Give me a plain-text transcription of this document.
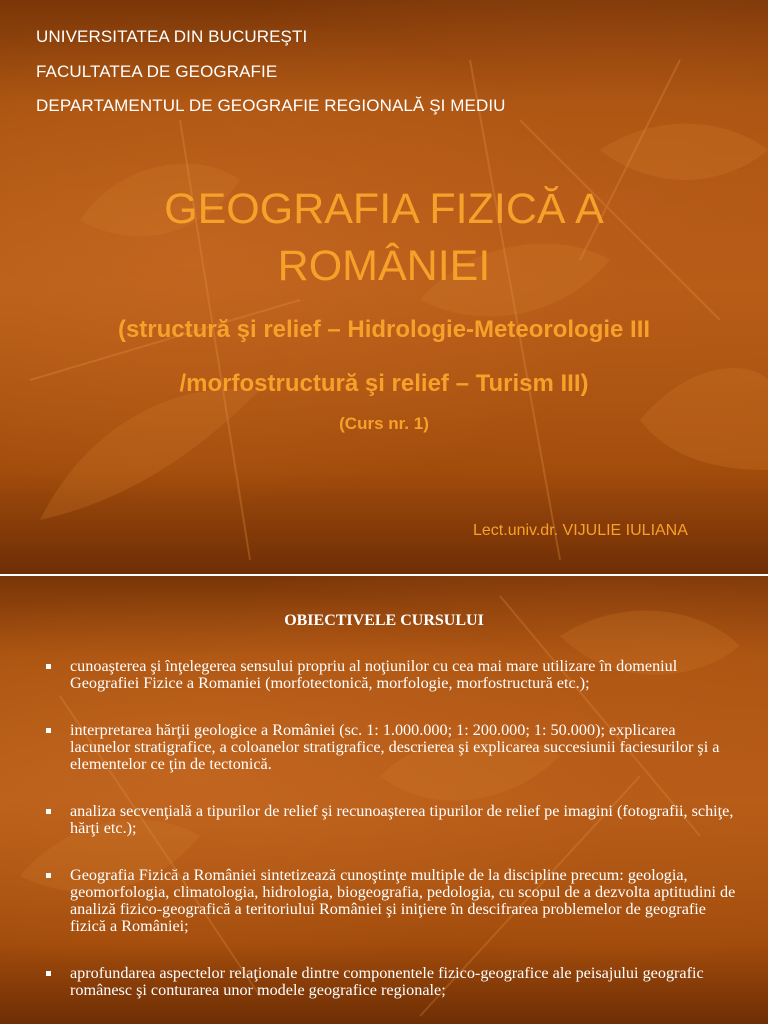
UNIVERSITATEA DIN BUCUREŞTI
FACULTATEA DE GEOGRAFIE
DEPARTAMENTUL DE GEOGRAFIE REGIONALĂ ŞI MEDIU
GEOGRAFIA FIZICĂ A
ROMÂNIEI
(structură şi relief – Hidrologie-Meteorologie III
/morfostructură şi relief – Turism III)
(Curs nr. 1)
Lect.univ.dr. VIJULIE IULIANA
OBIECTIVELE CURSULUI
cunoaşterea şi înţelegerea sensului propriu al noţiunilor cu cea mai mare utilizare în domeniul Geografiei Fizice a Romaniei (morfotectonică, morfologie, morfostructură etc.);
interpretarea hărţii geologice a României (sc. 1: 1.000.000; 1: 200.000; 1: 50.000); explicarea lacunelor stratigrafice, a coloanelor stratigrafice, descrierea şi explicarea succesiunii faciesurilor şi a elementelor ce ţin de tectonică.
analiza secvenţială a tipurilor de relief şi recunoaşterea tipurilor de relief pe imagini (fotografii, schiţe, hărţi etc.);
Geografia Fizică a României sintetizează cunoştinţe multiple de la discipline precum: geologia, geomorfologia, climatologia, hidrologia, biogeografia, pedologia, cu scopul de a dezvolta aptitudini de analiză fizico-geografică a teritoriului României şi iniţiere în descifrarea problemelor de geografie fizică a României;
aprofundarea aspectelor relaţionale dintre componentele fizico-geografice ale peisajului geografic românesc şi conturarea unor modele geografice regionale;
